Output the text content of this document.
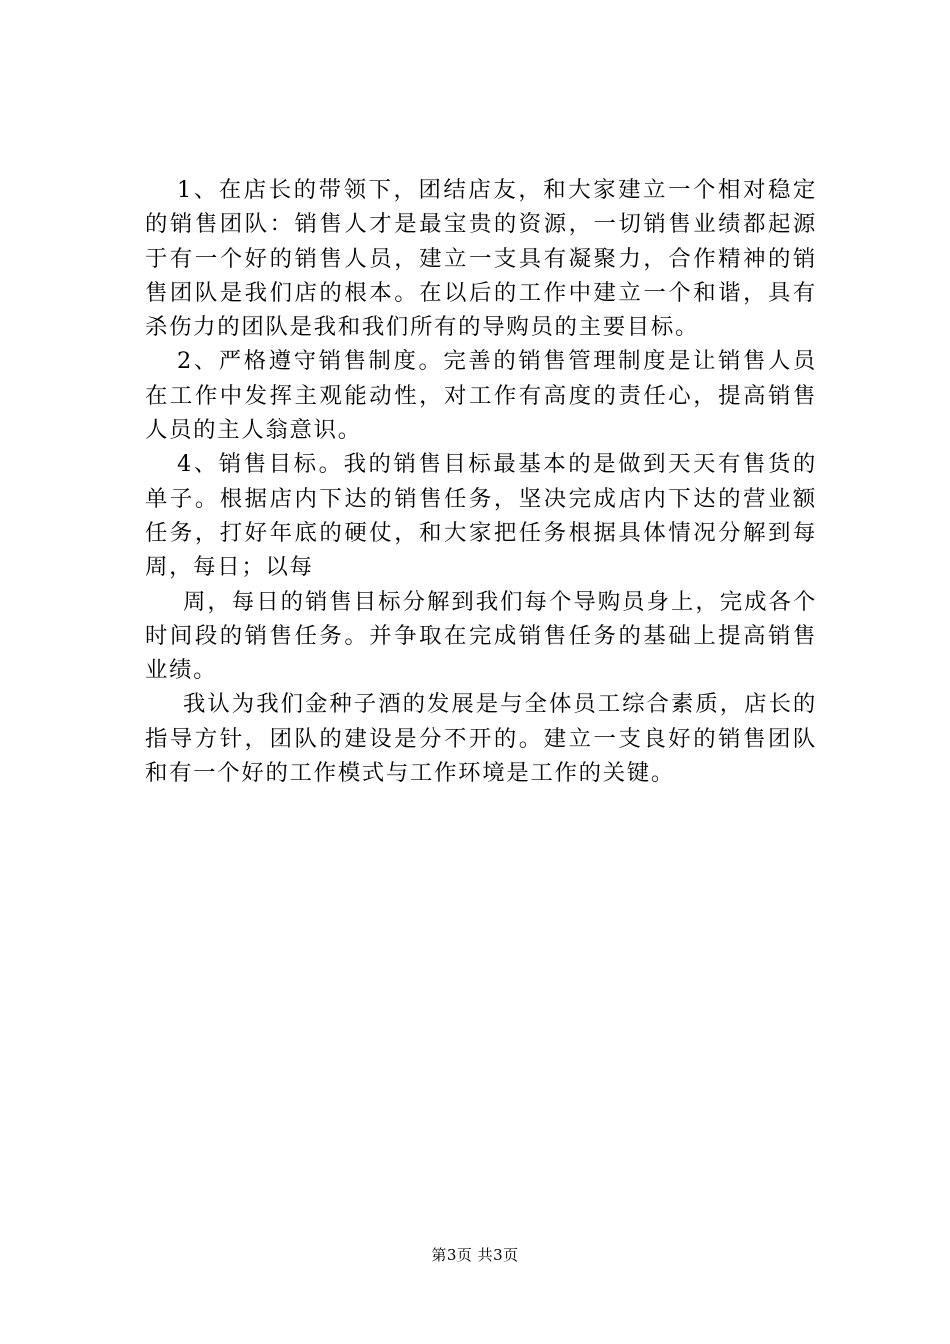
1、在店长的带领下，团结店友，和大家建立一个相对稳定的销售团队：销售人才是最宝贵的资源，一切销售业绩都起源于有一个好的销售人员，建立一支具有凝聚力，合作精神的销售团队是我们店的根本。在以后的工作中建立一个和谐，具有杀伤力的团队是我和我们所有的导购员的主要目标。

2、严格遵守销售制度。完善的销售管理制度是让销售人员在工作中发挥主观能动性，对工作有高度的责任心，提高销售人员的主人翁意识。

4、销售目标。我的销售目标最基本的是做到天天有售货的单子。根据店内下达的销售任务，坚决完成店内下达的营业额任务，打好年底的硬仗，和大家把任务根据具体情况分解到每周，每日；以每

周，每日的销售目标分解到我们每个导购员身上，完成各个时间段的销售任务。并争取在完成销售任务的基础上提高销售业绩。

我认为我们金种子酒的发展是与全体员工综合素质，店长的指导方针，团队的建设是分不开的。建立一支良好的销售团队和有一个好的工作模式与工作环境是工作的关键。

第3页 共3页
